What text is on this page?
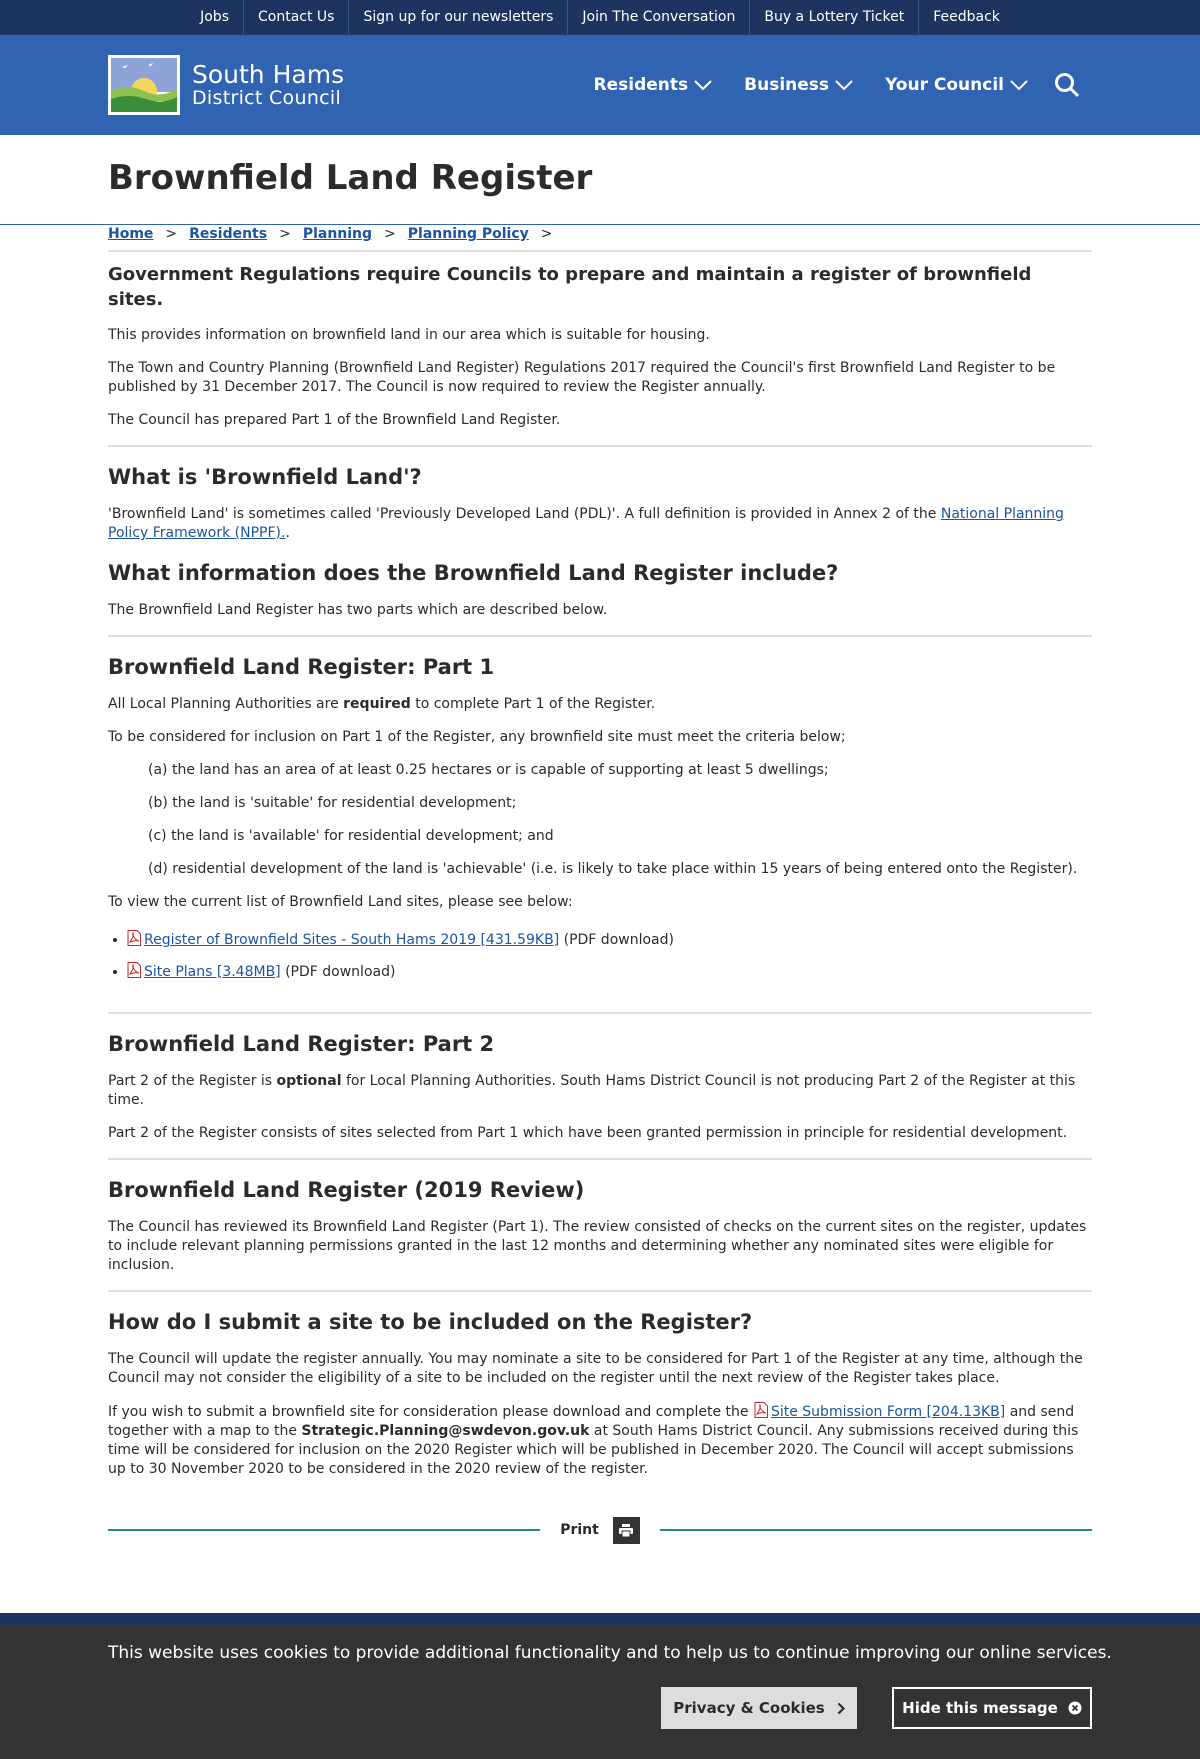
Jobs	Contact Us	Sign up for our newsletters	Join The Conversation	Buy a Lottery Ticket	Feedback
South Hams
District Council
Residents	Business	Your Council
Brownfield Land Register
Home > Residents > Planning > Planning Policy >
Government Regulations require Councils to prepare and maintain a register of brownfield sites.

This provides information on brownfield land in our area which is suitable for housing.

The Town and Country Planning (Brownfield Land Register) Regulations 2017 required the Council's first Brownfield Land Register to be published by 31 December 2017. The Council is now required to review the Register annually.

The Council has prepared Part 1 of the Brownfield Land Register.

What is 'Brownfield Land'?

'Brownfield Land' is sometimes called 'Previously Developed Land (PDL)'. A full definition is provided in Annex 2 of the National Planning Policy Framework (NPPF)..

What information does the Brownfield Land Register include?

The Brownfield Land Register has two parts which are described below.

Brownfield Land Register: Part 1

All Local Planning Authorities are required to complete Part 1 of the Register.

To be considered for inclusion on Part 1 of the Register, any brownfield site must meet the criteria below;

(a) the land has an area of at least 0.25 hectares or is capable of supporting at least 5 dwellings;

(b) the land is 'suitable' for residential development;

(c) the land is 'available' for residential development; and

(d) residential development of the land is 'achievable' (i.e. is likely to take place within 15 years of being entered onto the Register).

To view the current list of Brownfield Land sites, please see below:

• Register of Brownfield Sites - South Hams 2019 [431.59KB] (PDF download)
• Site Plans [3.48MB] (PDF download)
Brownfield Land Register: Part 2

Part 2 of the Register is optional for Local Planning Authorities. South Hams District Council is not producing Part 2 of the Register at this time.

Part 2 of the Register consists of sites selected from Part 1 which have been granted permission in principle for residential development.

Brownfield Land Register (2019 Review)

The Council has reviewed its Brownfield Land Register (Part 1). The review consisted of checks on the current sites on the register, updates to include relevant planning permissions granted in the last 12 months and determining whether any nominated sites were eligible for inclusion.

How do I submit a site to be included on the Register?

The Council will update the register annually. You may nominate a site to be considered for Part 1 of the Register at any time, although the Council may not consider the eligibility of a site to be included on the register until the next review of the Register takes place.

If you wish to submit a brownfield site for consideration please download and complete the Site Submission Form [204.13KB] and send together with a map to the Strategic.Planning@swdevon.gov.uk at South Hams District Council. Any submissions received during this time will be considered for inclusion on the 2020 Register which will be published in December 2020. The Council will accept submissions up to 30 November 2020 to be considered in the 2020 review of the register.

Print
This website uses cookies to provide additional functionality and to help us to continue improving our online services.
Privacy & Cookies	Hide this message
